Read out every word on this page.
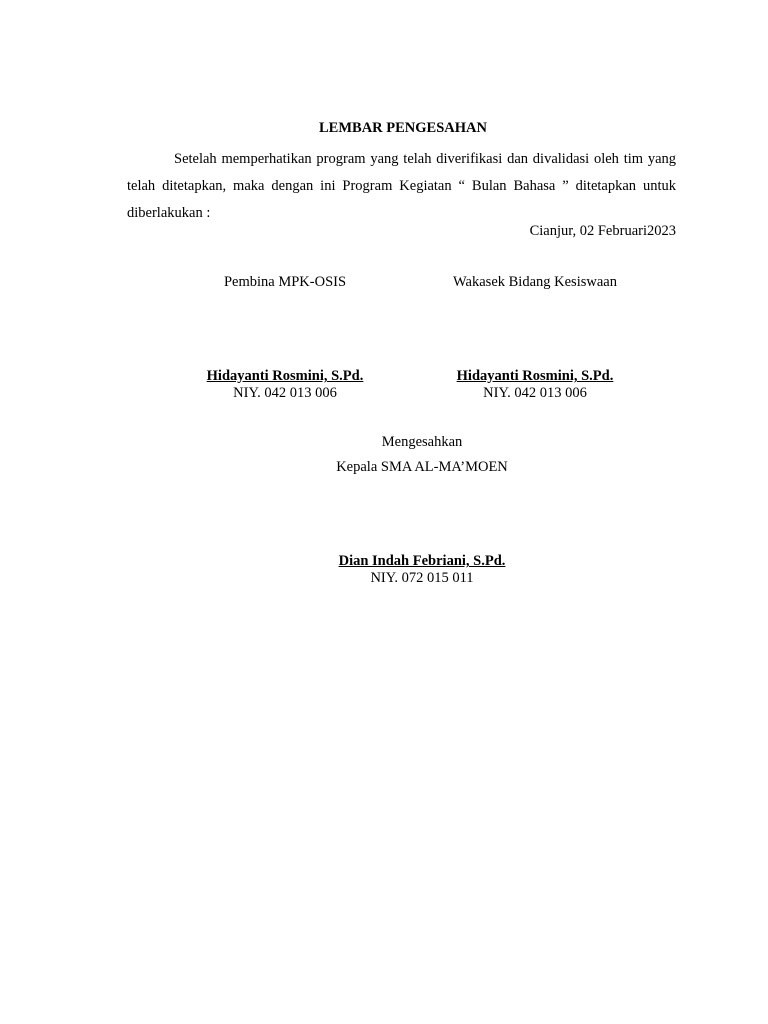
LEMBAR PENGESAHAN
Setelah memperhatikan program yang telah diverifikasi dan divalidasi oleh tim yang telah ditetapkan, maka dengan ini Program Kegiatan “ Bulan Bahasa ” ditetapkan untuk diberlakukan :
Cianjur, 02 Februari2023
Pembina MPK-OSIS	Wakasek Bidang Kesiswaan
Hidayanti Rosmini, S.Pd.	Hidayanti Rosmini, S.Pd.
NIY. 042 013 006	NIY. 042 013 006
Mengesahkan
Kepala SMA AL-MA’MOEN
Dian Indah Febriani, S.Pd.
NIY. 072 015 011
